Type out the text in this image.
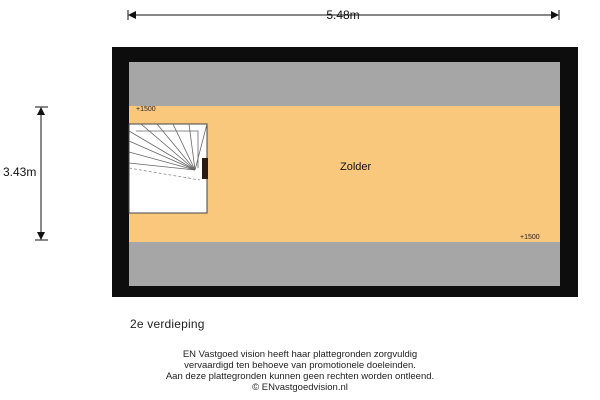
5.48m
3.43m
+1500
+1500
Zolder
2e verdieping
EN Vastgoed vision heeft haar plattegronden zorgvuldig
vervaardigd ten behoeve van promotionele doeleinden.
Aan deze plattegronden kunnen geen rechten worden ontleend.
© ENvastgoedvision.nl
